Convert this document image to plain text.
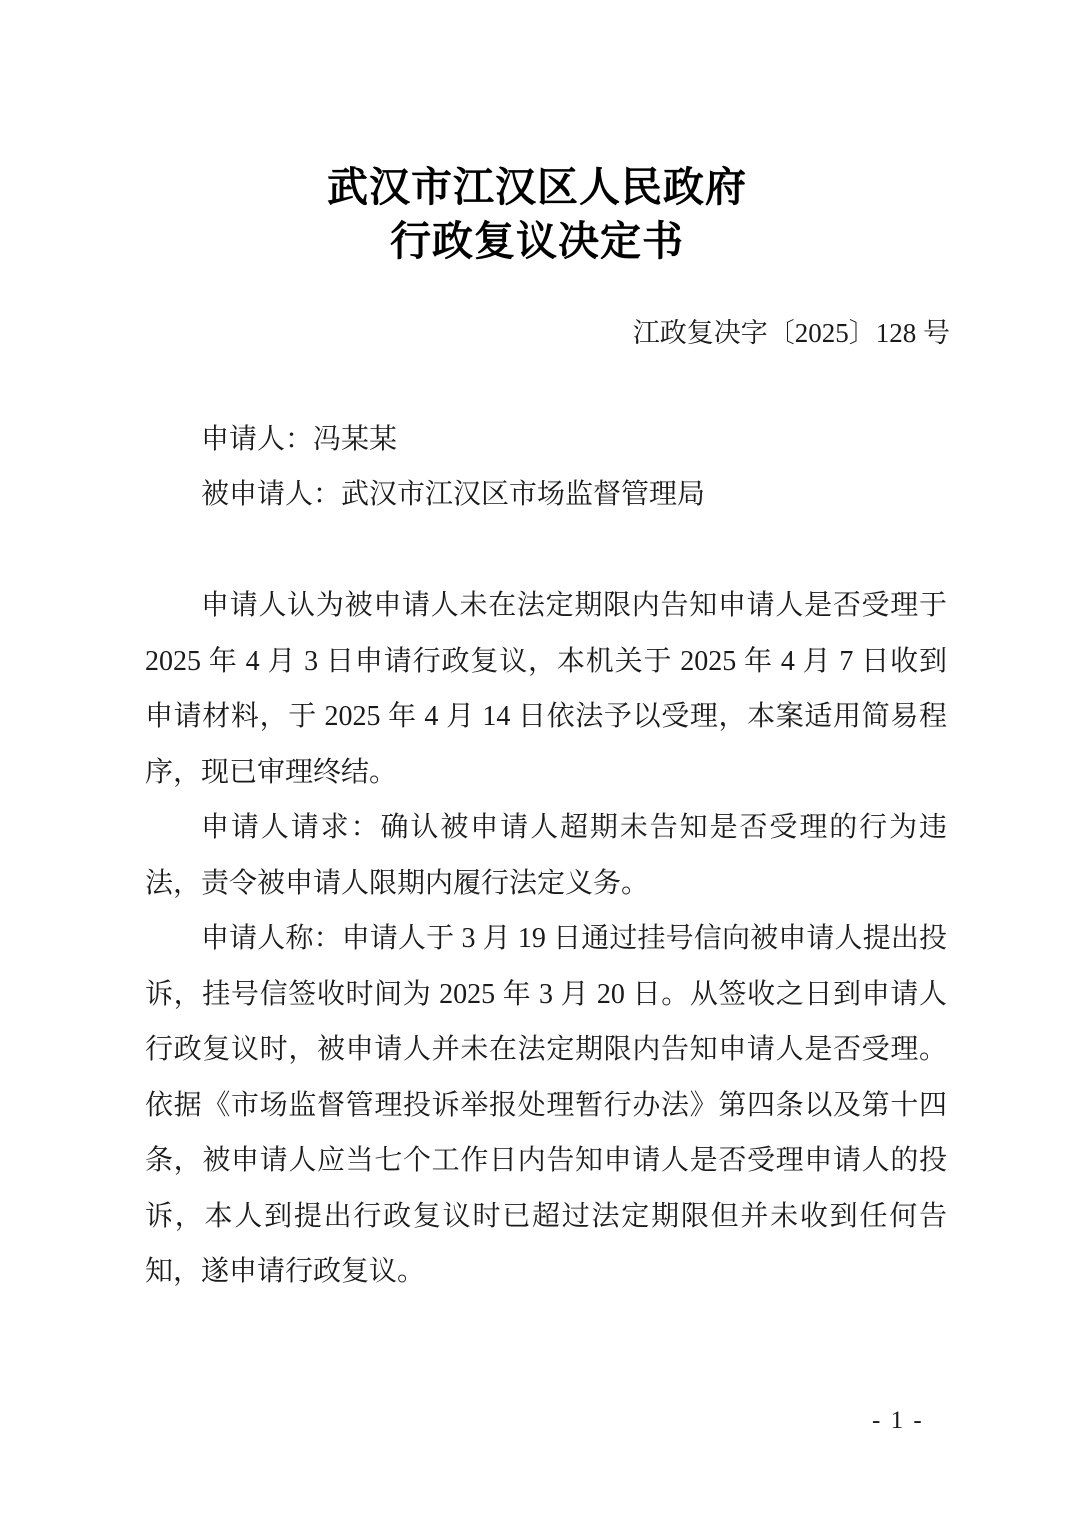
武汉市江汉区人民政府
行政复议决定书
江政复决字〔2025〕128 号
申请人：冯某某
被申请人：武汉市江汉区市场监督管理局

申请人认为被申请人未在法定期限内告知申请人是否受理于 2025 年 4 月 3 日申请行政复议，本机关于 2025 年 4 月 7 日收到申请材料，于 2025 年 4 月 14 日依法予以受理，本案适用简易程序，现已审理终结。

申请人请求：确认被申请人超期未告知是否受理的行为违法，责令被申请人限期内履行法定义务。

申请人称：申请人于 3 月 19 日通过挂号信向被申请人提出投诉，挂号信签收时间为 2025 年 3 月 20 日。从签收之日到申请人行政复议时，被申请人并未在法定期限内告知申请人是否受理。依据《市场监督管理投诉举报处理暂行办法》第四条以及第十四条，被申请人应当七个工作日内告知申请人是否受理申请人的投诉，本人到提出行政复议时已超过法定期限但并未收到任何告知，遂申请行政复议。

- 1 -
